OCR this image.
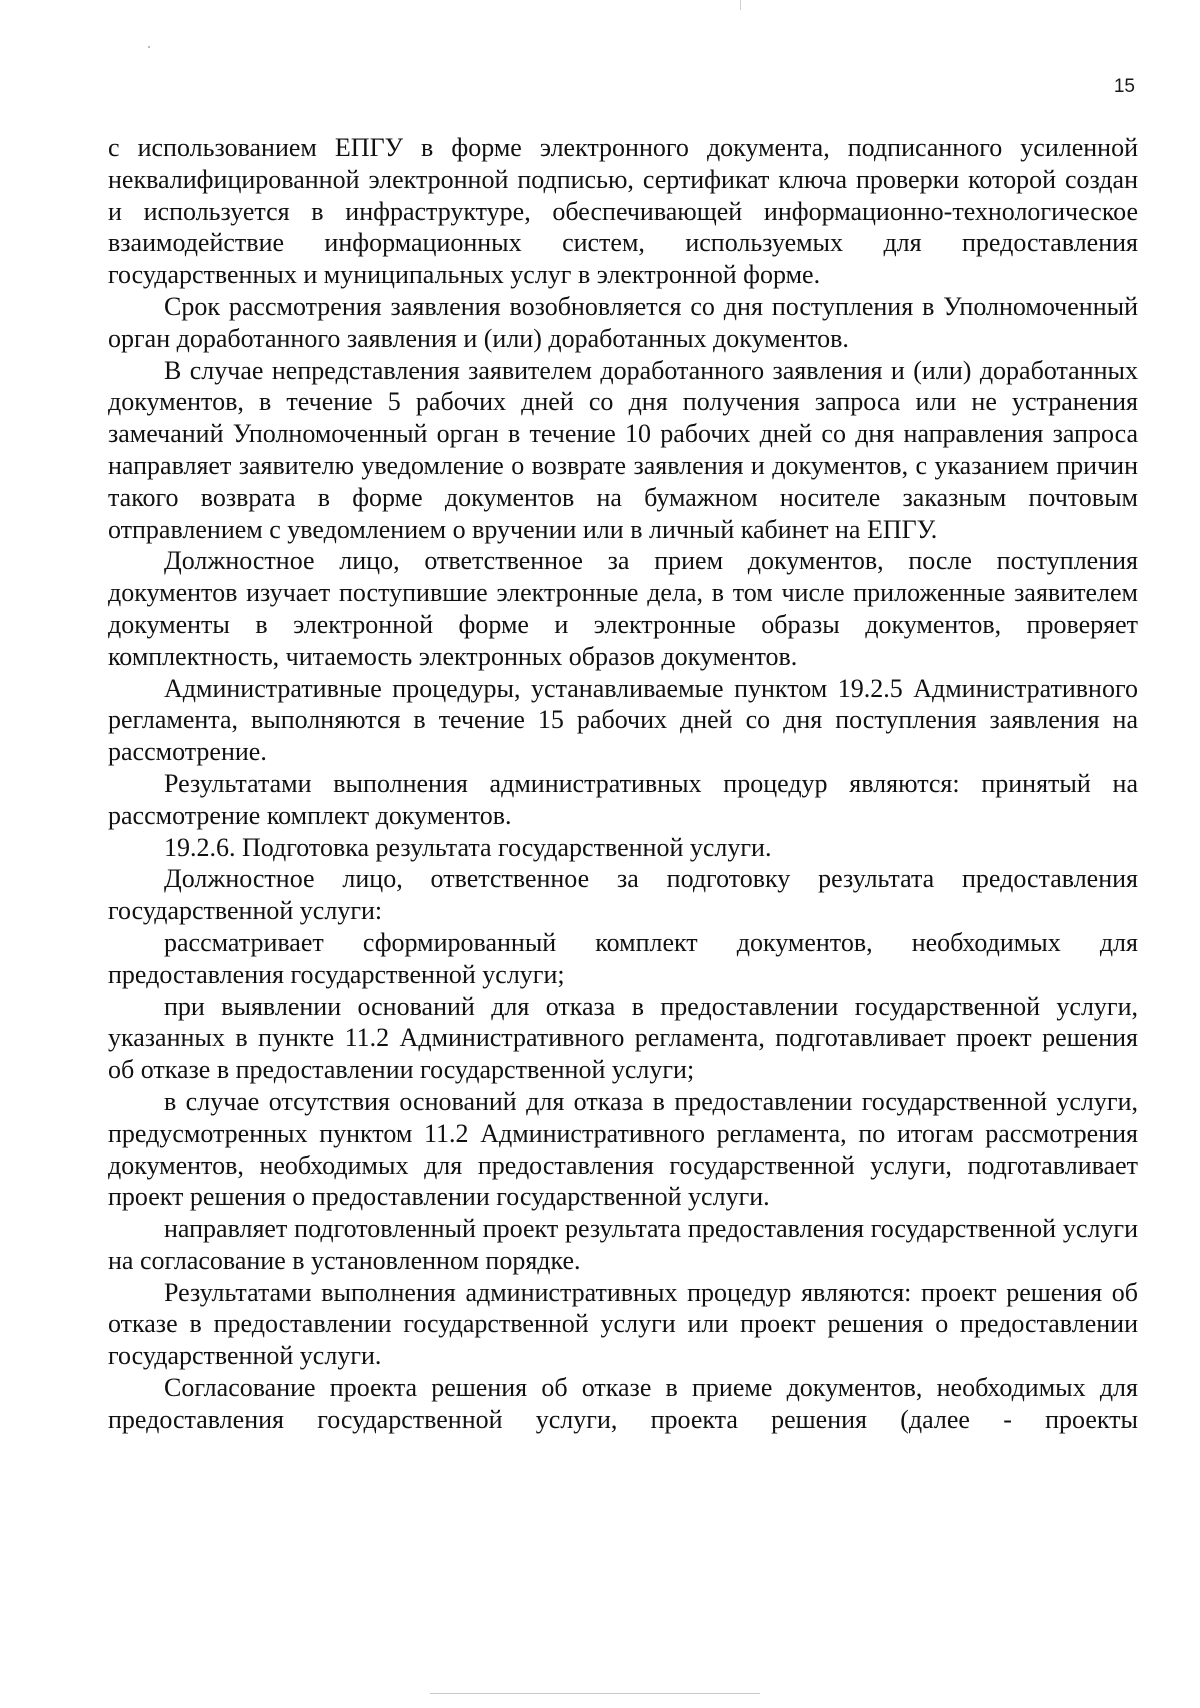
15

с использованием ЕПГУ в форме электронного документа, подписанного усиленной неквалифицированной электронной подписью, сертификат ключа проверки которой создан и используется в инфраструктуре, обеспечивающей информационно-технологическое взаимодействие информационных систем, используемых для предоставления государственных и муниципальных услуг в электронной форме.

Срок рассмотрения заявления возобновляется со дня поступления в Уполномоченный орган доработанного заявления и (или) доработанных документов.

В случае непредставления заявителем доработанного заявления и (или) доработанных документов, в течение 5 рабочих дней со дня получения запроса или не устранения замечаний Уполномоченный орган в течение 10 рабочих дней со дня направления запроса направляет заявителю уведомление о возврате заявления и документов, с указанием причин такого возврата в форме документов на бумажном носителе заказным почтовым отправлением с уведомлением о вручении или в личный кабинет на ЕПГУ.

Должностное лицо, ответственное за прием документов, после поступления документов изучает поступившие электронные дела, в том числе приложенные заявителем документы в электронной форме и электронные образы документов, проверяет комплектность, читаемость электронных образов документов.

Административные процедуры, устанавливаемые пунктом 19.2.5 Административного регламента, выполняются в течение 15 рабочих дней со дня поступления заявления на рассмотрение.

Результатами выполнения административных процедур являются: принятый на рассмотрение комплект документов.

19.2.6. Подготовка результата государственной услуги.

Должностное лицо, ответственное за подготовку результата предоставления государственной услуги:

рассматривает сформированный комплект документов, необходимых для предоставления государственной услуги;

при выявлении оснований для отказа в предоставлении государственной услуги, указанных в пункте 11.2 Административного регламента, подготавливает проект решения об отказе в предоставлении государственной услуги;

в случае отсутствия оснований для отказа в предоставлении государственной услуги, предусмотренных пунктом 11.2 Административного регламента, по итогам рассмотрения документов, необходимых для предоставления государственной услуги, подготавливает проект решения о предоставлении государственной услуги.

направляет подготовленный проект результата предоставления государственной услуги на согласование в установленном порядке.

Результатами выполнения административных процедур являются: проект решения об отказе в предоставлении государственной услуги или проект решения о предоставлении государственной услуги.

Согласование проекта решения об отказе в приеме документов, необходимых для предоставления государственной услуги, проекта решения (далее - проекты
